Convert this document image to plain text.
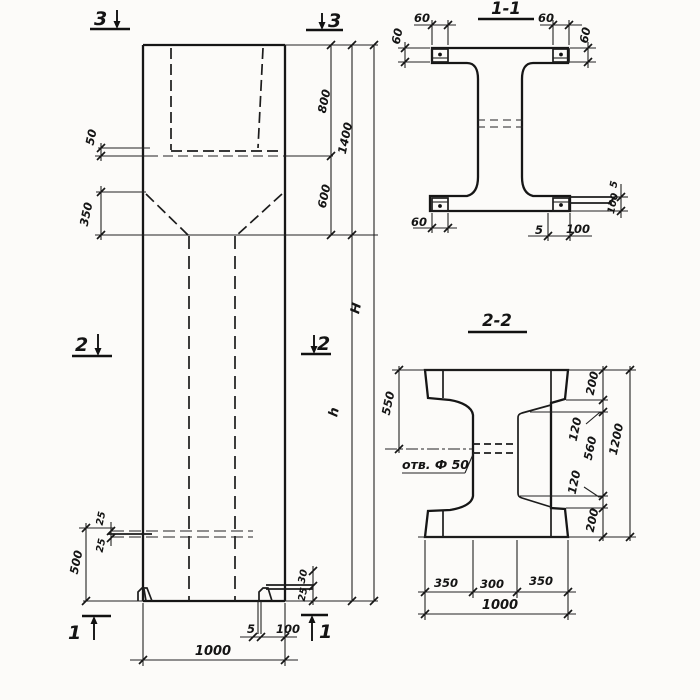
3	3
2	2
1	1
50
350
800
600
1400
H
h
25
25
500
30
25
5 100
1000
1-1
60
60
60
60
60
5 100
5
100
2-2
отв. Ф 50
550
200
120
560
120
200
1200
350 300 350
1000
